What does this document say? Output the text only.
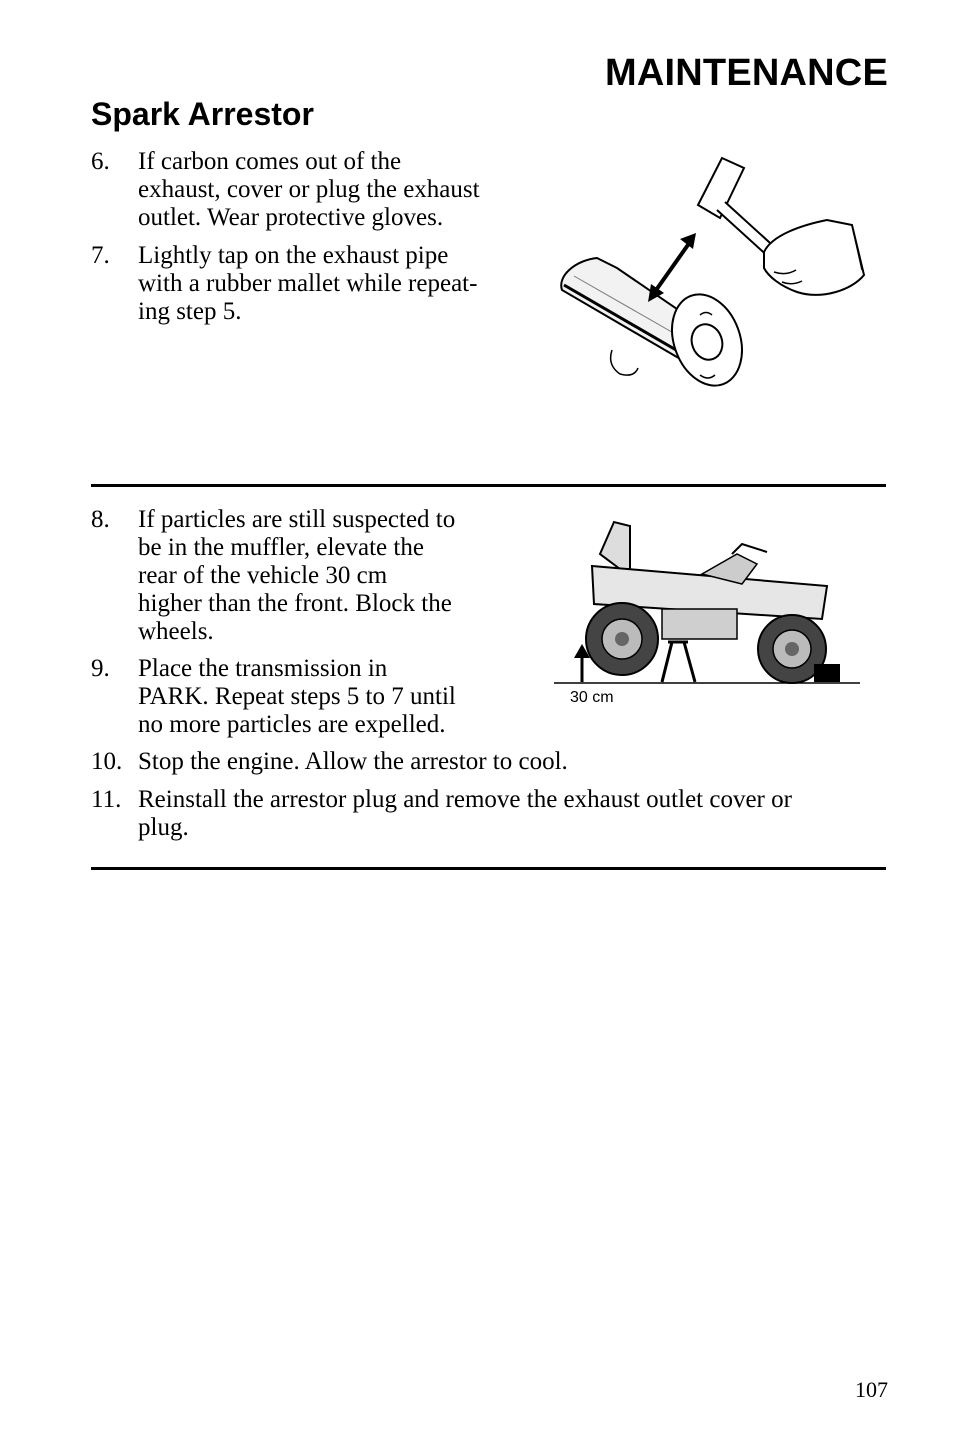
MAINTENANCE
Spark Arrestor
6. If carbon comes out of the
exhaust, cover or plug the exhaust
outlet. Wear protective gloves.
7. Lightly tap on the exhaust pipe
with a rubber mallet while repeat-
ing step 5.
8. If particles are still suspected to
be in the muffler, elevate the
rear of the vehicle 30 cm
higher than the front. Block the
wheels.
9. Place the transmission in
PARK. Repeat steps 5 to 7 until
no more particles are expelled.
30 cm
10. Stop the engine. Allow the arrestor to cool.
11. Reinstall the arrestor plug and remove the exhaust outlet cover or
plug.
107
